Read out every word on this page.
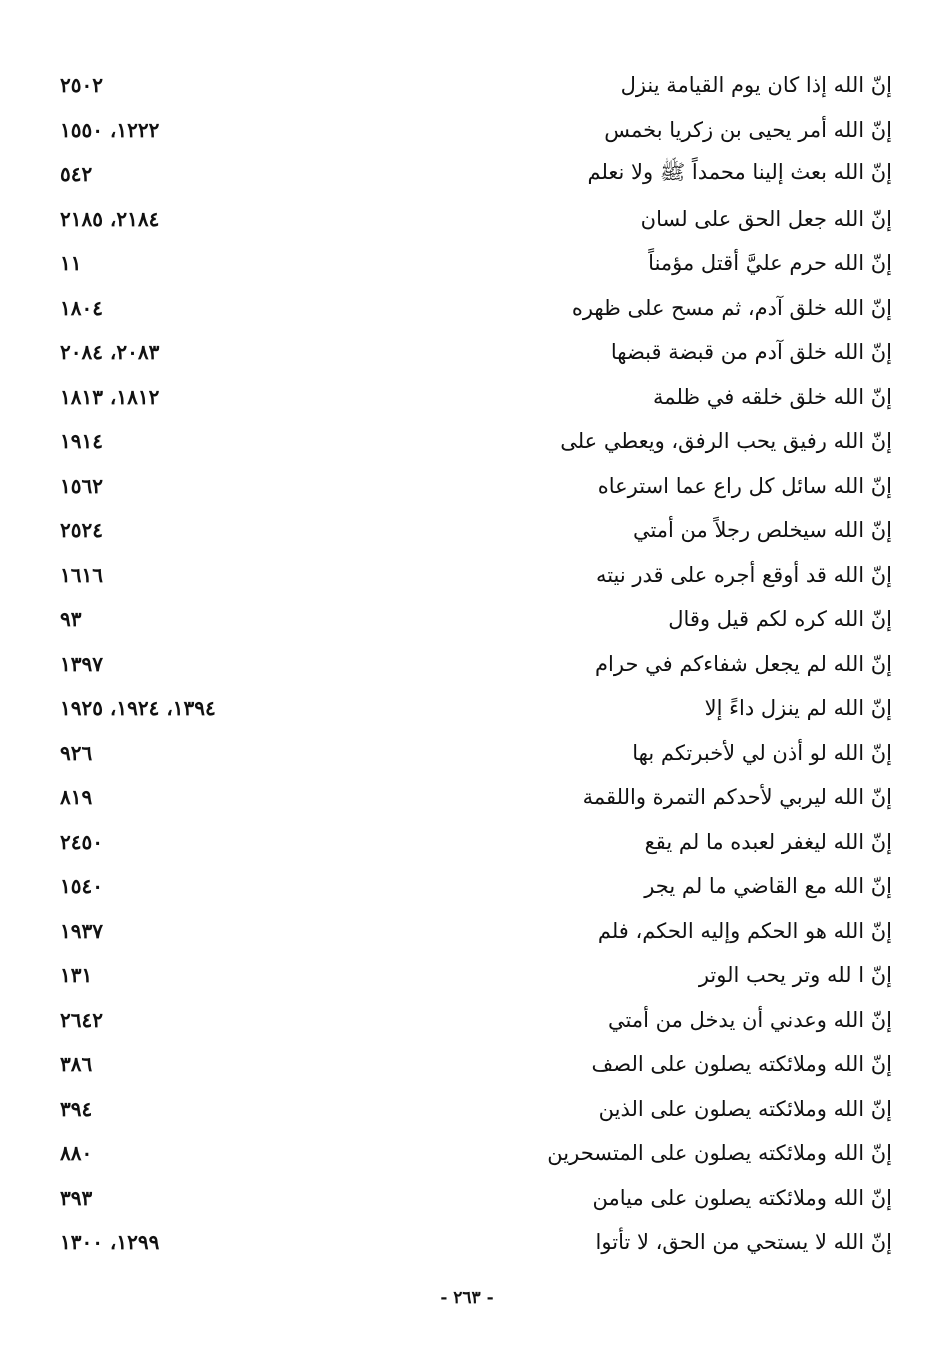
٢٥٠٢	إنّ الله إذا كان يوم القيامة ينزل
١٢٢٢، ١٥٥٠	إنّ الله أمر يحيى بن زكريا بخمس
٥٤٢	إنّ الله بعث إلينا محمداً ﷺ ولا نعلم
٢١٨٤، ٢١٨٥	إنّ الله جعل الحق على لسان
١١	إنّ الله حرم عليَّ أقتل مؤمناً
١٨٠٤	إنّ الله خلق آدم، ثم مسح على ظهره
٢٠٨٣، ٢٠٨٤	إنّ الله خلق آدم من قبضة قبضها
١٨١٢، ١٨١٣	إنّ الله خلق خلقه في ظلمة
١٩١٤	إنّ الله رفيق يحب الرفق، ويعطي على
١٥٦٢	إنّ الله سائل كل راع عما استرعاه
٢٥٢٤	إنّ الله سيخلص رجلاً من أمتي
١٦١٦	إنّ الله قد أوقع أجره على قدر نيته
٩٣	إنّ الله كره لكم قيل وقال
١٣٩٧	إنّ الله لم يجعل شفاءكم في حرام
١٣٩٤، ١٩٢٤، ١٩٢٥	إنّ الله لم ينزل داءً إلا
٩٢٦	إنّ الله لو أذن لي لأخبرتكم بها
٨١٩	إنّ الله ليربي لأحدكم التمرة واللقمة
٢٤٥٠	إنّ الله ليغفر لعبده ما لم يقع
١٥٤٠	إنّ الله مع القاضي ما لم يجر
١٩٣٧	إنّ الله هو الحكم وإليه الحكم، فلم
١٣١	إنّ ا لله وتر يحب الوتر
٢٦٤٢	إنّ الله وعدني أن يدخل من أمتي
٣٨٦	إنّ الله وملائكته يصلون على الصف
٣٩٤	إنّ الله وملائكته يصلون على الذين
٨٨٠	إنّ الله وملائكته يصلون على المتسحرين
٣٩٣	إنّ الله وملائكته يصلون على ميامن
١٢٩٩، ١٣٠٠	إنّ الله لا يستحي من الحق، لا تأتوا
- ٢٦٣ -
